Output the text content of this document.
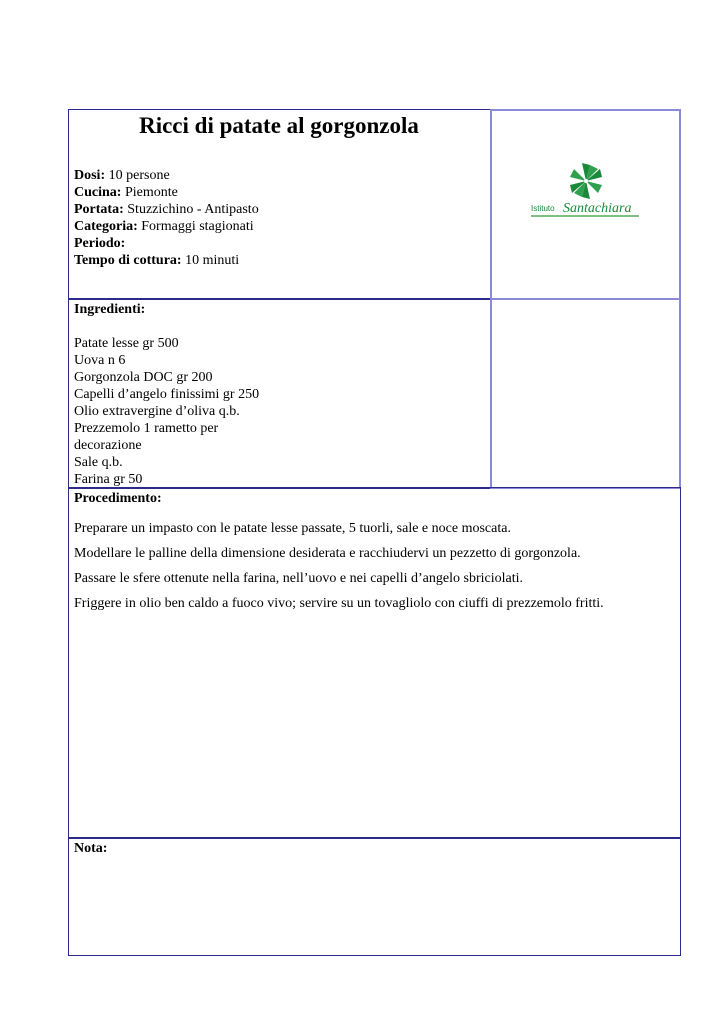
Ricci di patate al gorgonzola
Dosi: 10 persone
Cucina: Piemonte
Portata: Stuzzichino - Antipasto
Categoria: Formaggi stagionati
Periodo:
Tempo di cottura: 10 minuti
Istituto Santachiara
Ingredienti:
Patate lesse gr 500
Uova n 6
Gorgonzola DOC gr 200
Capelli d’angelo finissimi gr 250
Olio extravergine d’oliva q.b.
Prezzemolo 1 rametto per decorazione
Sale q.b.
Farina gr 50
Procedimento:
Preparare un impasto con le patate lesse passate, 5 tuorli, sale e noce moscata.
Modellare le palline della dimensione desiderata e racchiudervi un pezzetto di gorgonzola.
Passare le sfere ottenute nella farina, nell’uovo e nei capelli d’angelo sbriciolati.
Friggere in olio ben caldo a fuoco vivo; servire su un tovagliolo con ciuffi di prezzemolo fritti.
Nota:
